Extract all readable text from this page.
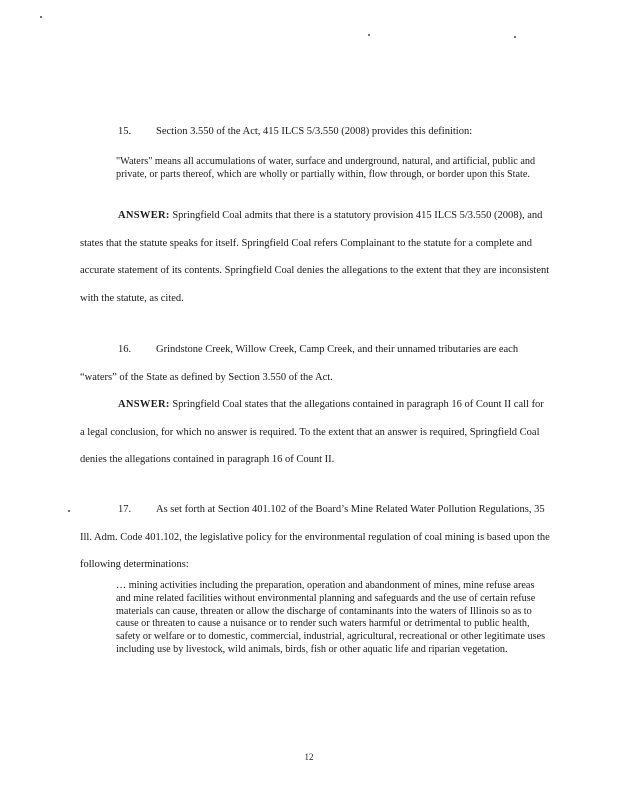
15. Section 3.550 of the Act, 415 ILCS 5/3.550 (2008) provides this definition:
"Waters" means all accumulations of water, surface and underground, natural, and artificial, public and private, or parts thereof, which are wholly or partially within, flow through, or border upon this State.
ANSWER: Springfield Coal admits that there is a statutory provision 415 ILCS 5/3.550 (2008), and states that the statute speaks for itself. Springfield Coal refers Complainant to the statute for a complete and accurate statement of its contents. Springfield Coal denies the allegations to the extent that they are inconsistent with the statute, as cited.
16. Grindstone Creek, Willow Creek, Camp Creek, and their unnamed tributaries are each “waters” of the State as defined by Section 3.550 of the Act.
ANSWER: Springfield Coal states that the allegations contained in paragraph 16 of Count II call for a legal conclusion, for which no answer is required. To the extent that an answer is required, Springfield Coal denies the allegations contained in paragraph 16 of Count II.
17. As set forth at Section 401.102 of the Board’s Mine Related Water Pollution Regulations, 35 Ill. Adm. Code 401.102, the legislative policy for the environmental regulation of coal mining is based upon the following determinations:
… mining activities including the preparation, operation and abandonment of mines, mine refuse areas and mine related facilities without environmental planning and safeguards and the use of certain refuse materials can cause, threaten or allow the discharge of contaminants into the waters of Illinois so as to cause or threaten to cause a nuisance or to render such waters harmful or detrimental to public health, safety or welfare or to domestic, commercial, industrial, agricultural, recreational or other legitimate uses including use by livestock, wild animals, birds, fish or other aquatic life and riparian vegetation.
12
